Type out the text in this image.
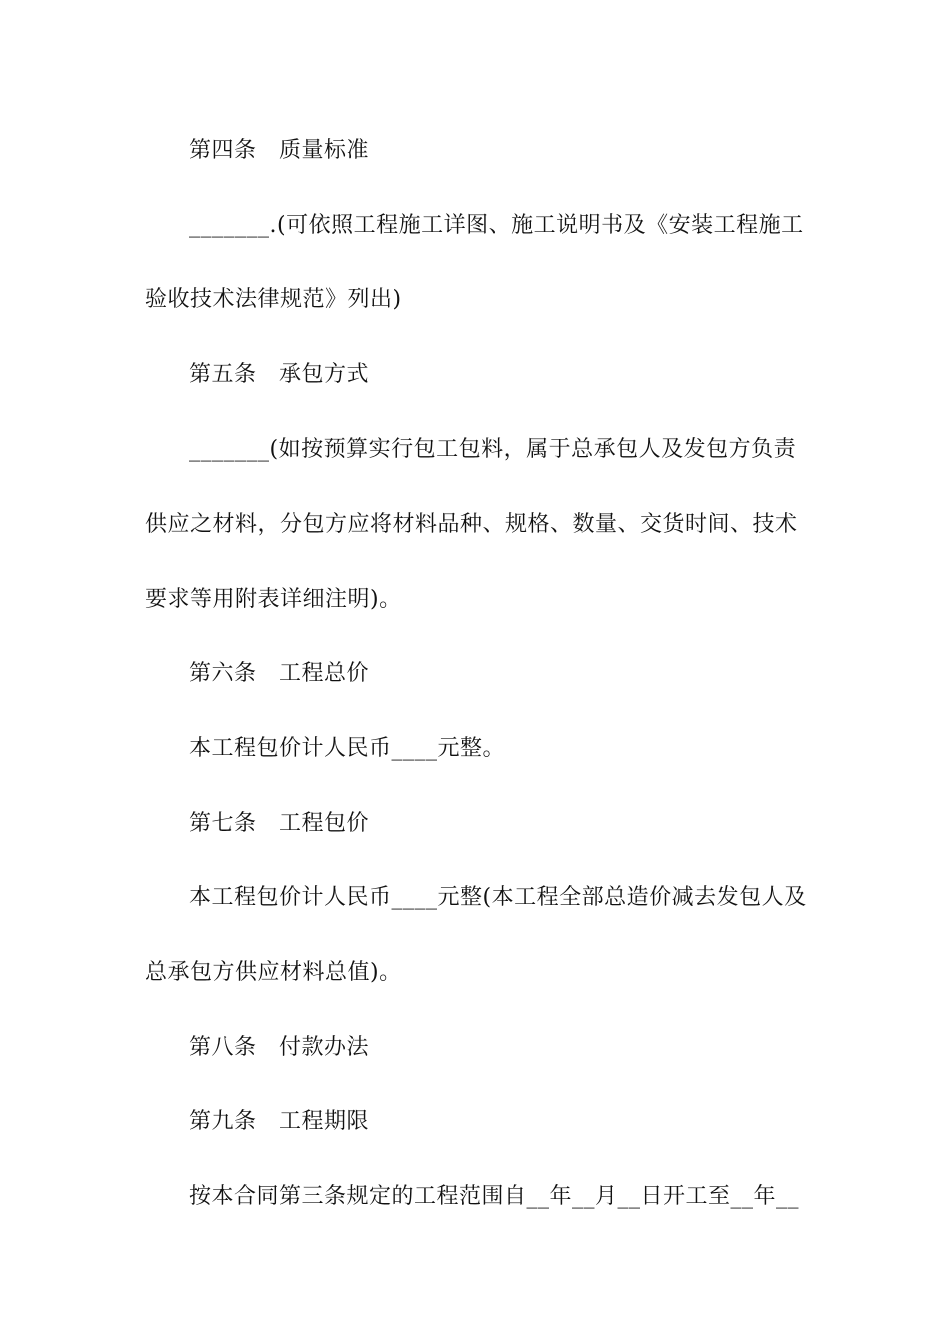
第四条　质量标准
_______.(可依照工程施工详图、施工说明书及《安装工程施工
验收技术法律规范》列出)
第五条　承包方式
_______(如按预算实行包工包料，属于总承包人及发包方负责
供应之材料，分包方应将材料品种、规格、数量、交货时间、技术
要求等用附表详细注明)。
第六条　工程总价
本工程包价计人民币____元整。
第七条　工程包价
本工程包价计人民币____元整(本工程全部总造价减去发包人及
总承包方供应材料总值)。
第八条　付款办法
第九条　工程期限
按本合同第三条规定的工程范围自__年__月__日开工至__年__
